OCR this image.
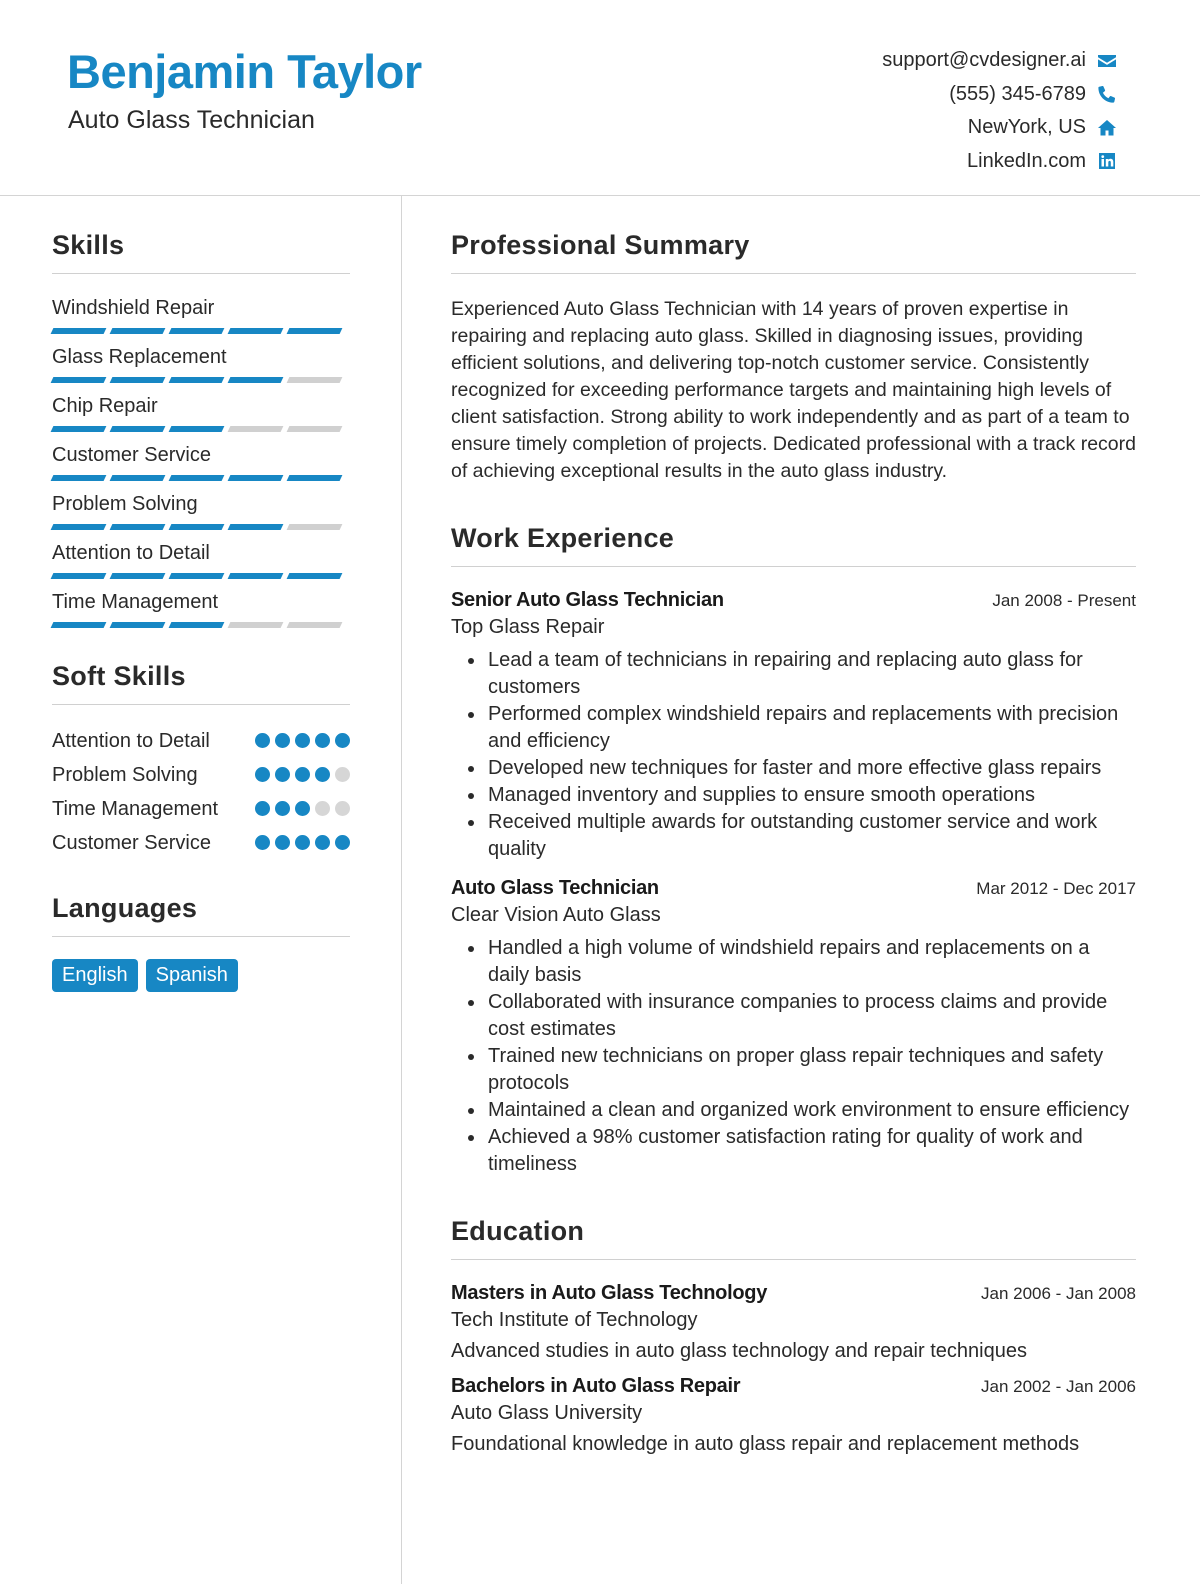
Benjamin Taylor
Auto Glass Technician
support@cvdesigner.ai
(555) 345-6789
NewYork, US
LinkedIn.com
Skills
Windshield Repair
Glass Replacement
Chip Repair
Customer Service
Problem Solving
Attention to Detail
Time Management
Soft Skills
Attention to Detail
Problem Solving
Time Management
Customer Service
Languages
English	Spanish
Professional Summary
Experienced Auto Glass Technician with 14 years of proven expertise in repairing and replacing auto glass. Skilled in diagnosing issues, providing efficient solutions, and delivering top-notch customer service. Consistently recognized for exceeding performance targets and maintaining high levels of client satisfaction. Strong ability to work independently and as part of a team to ensure timely completion of projects. Dedicated professional with a track record of achieving exceptional results in the auto glass industry.
Work Experience
Senior Auto Glass Technician	Jan 2008 - Present
Top Glass Repair
Lead a team of technicians in repairing and replacing auto glass for customers
Performed complex windshield repairs and replacements with precision and efficiency
Developed new techniques for faster and more effective glass repairs
Managed inventory and supplies to ensure smooth operations
Received multiple awards for outstanding customer service and work quality
Auto Glass Technician	Mar 2012 - Dec 2017
Clear Vision Auto Glass
Handled a high volume of windshield repairs and replacements on a daily basis
Collaborated with insurance companies to process claims and provide cost estimates
Trained new technicians on proper glass repair techniques and safety protocols
Maintained a clean and organized work environment to ensure efficiency
Achieved a 98% customer satisfaction rating for quality of work and timeliness
Education
Masters in Auto Glass Technology	Jan 2006 - Jan 2008
Tech Institute of Technology
Advanced studies in auto glass technology and repair techniques
Bachelors in Auto Glass Repair	Jan 2002 - Jan 2006
Auto Glass University
Foundational knowledge in auto glass repair and replacement methods
